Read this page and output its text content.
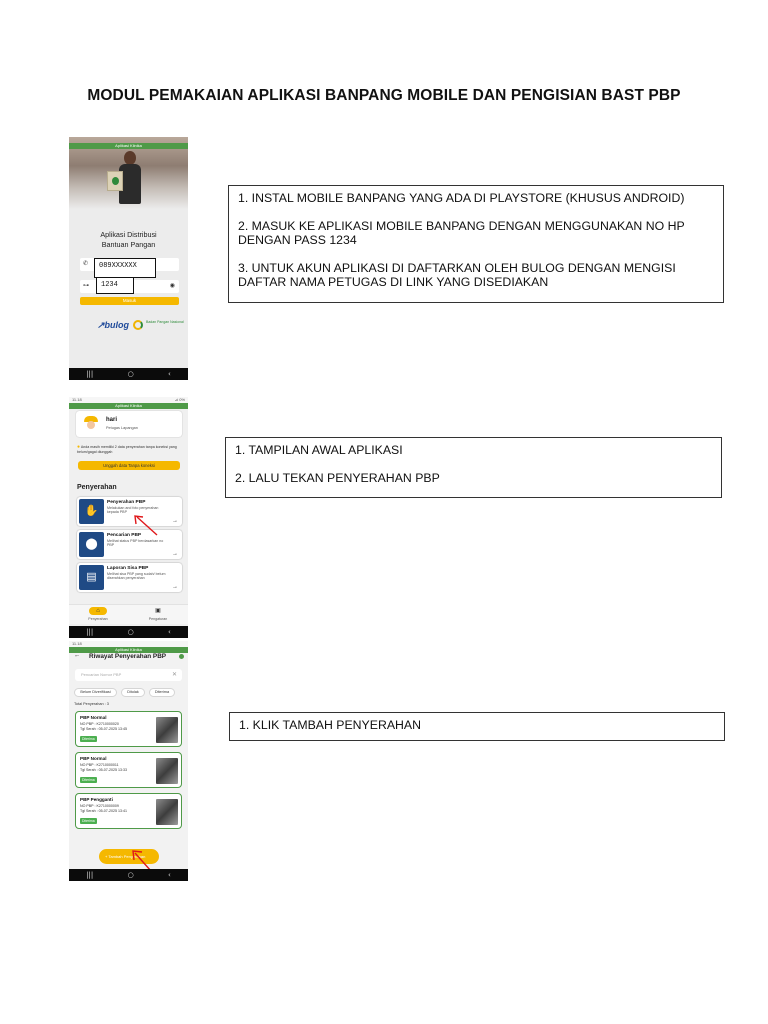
MODUL PEMAKAIAN APLIKASI BANPANG MOBILE DAN PENGISIAN BAST PBP
Aplikasi Klinika
Aplikasi Distribusi
Bantuan Pangan
✆	089XXXXXX
⊶	◉
1234
Masuk
↗bulog	Badan Pangan Nasional
|||	○	‹

1. INSTAL MOBILE BANPANG YANG ADA DI PLAYSTORE (KHUSUS ANDROID)

2. MASUK KE APLIKASI MOBILE BANPANG DENGAN MENGGUNAKAN NO HP DENGAN PASS 1234

3. UNTUK AKUN APLIKASI DI DAFTARKAN OLEH BULOG DENGAN MENGISI DAFTAR NAMA PETUGAS DI LINK YANG DISEDIAKAN

11.18	⊿ 0%
Aplikasi Klinika
hari
Petugas Lapangan
● Anda masih memiliki 2 data penyerahan tanpa koneksi yang belum/gagal diunggah
Unggah data Tanpa koneksi
Penyerahan
✋
Penyerahan PBP
Melakukan and foto penyerahan kepada PBP
→
⬤
Pencarian PBP
Melihat status PBP berdasarkan no PBP
→
▤
Laporan Sisa PBP
Melihat sisa PBP yang sudah/ belum diserahkan penyerahan
→
⌂
Penyerahan
▣
Pengaturan
|||	○	‹

1. TAMPILAN AWAL APLIKASI

2. LALU TEKAN PENYERAHAN PBP

11.18
Aplikasi Klinika
← Riwayat Penyerahan PBP
Pencarian Nomor PBP	✕
Belum Diverifikasi	Ditolak	Diterima
Total Penyerahan : 3
PBP Normal
NO PBP : K2710000020
Tgl Serah : 05-07-2025 13:45
Diterima
PBP Normal
NO PBP : K2710000011
Tgl Serah : 05-07-2025 13:33
Diterima
PBP Pengganti
NO PBP : K2710000009
Tgl Serah : 05-07-2025 13:41
Diterima
+ Tambah Penyerahan
|||	○	‹

1. KLIK TAMBAH PENYERAHAN
